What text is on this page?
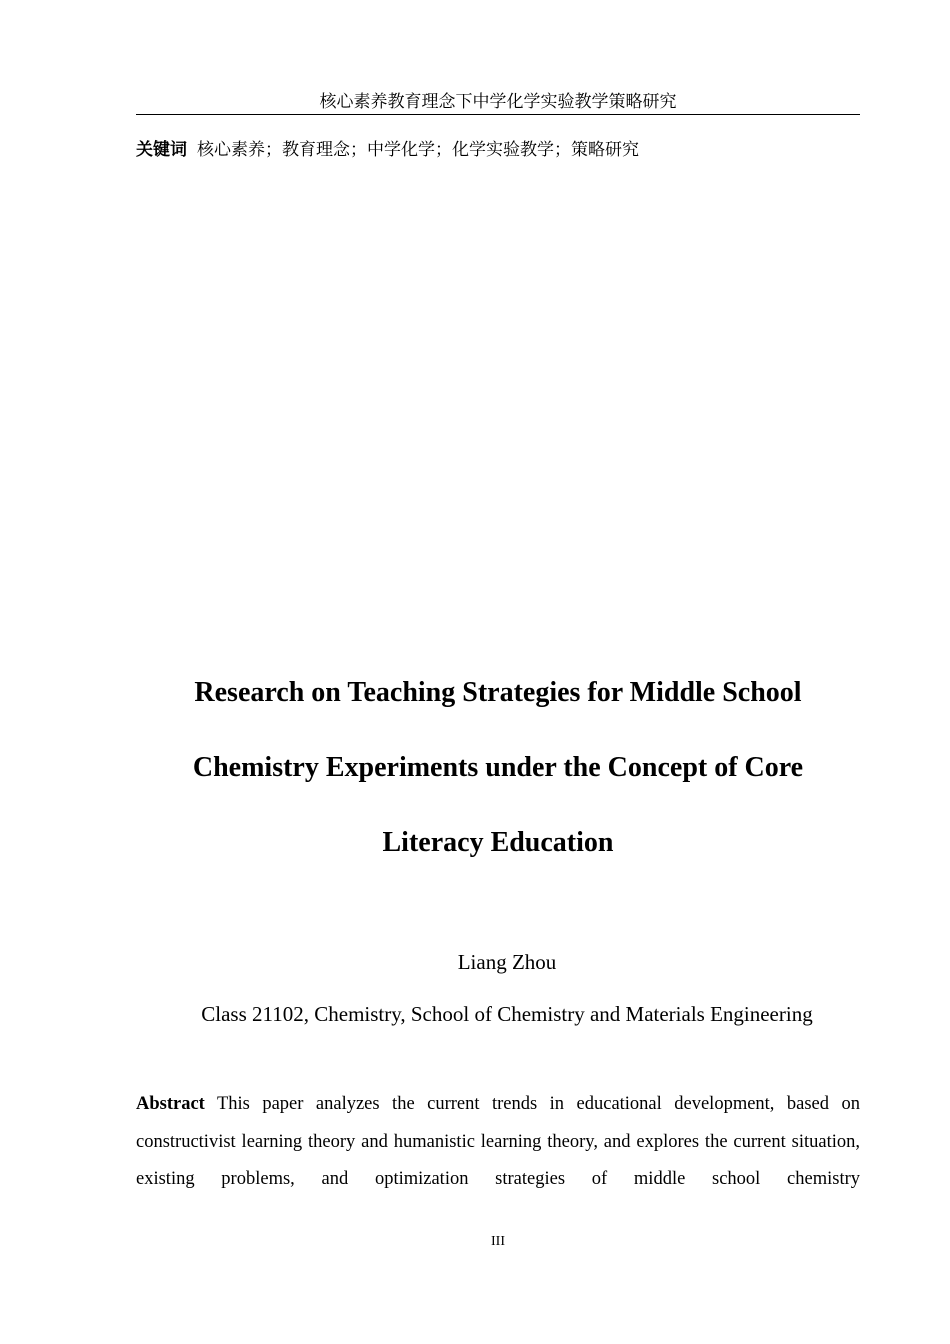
核心素养教育理念下中学化学实验教学策略研究
关键词 核心素养；教育理念；中学化学；化学实验教学；策略研究
Research on Teaching Strategies for Middle School
Chemistry Experiments under the Concept of Core
Literacy Education
Liang Zhou
Class 21102, Chemistry, School of Chemistry and Materials Engineering
Abstract This paper analyzes the current trends in educational development, based on constructivist learning theory and humanistic learning theory, and explores the current situation, existing problems, and optimization strategies of middle school chemistry
III
